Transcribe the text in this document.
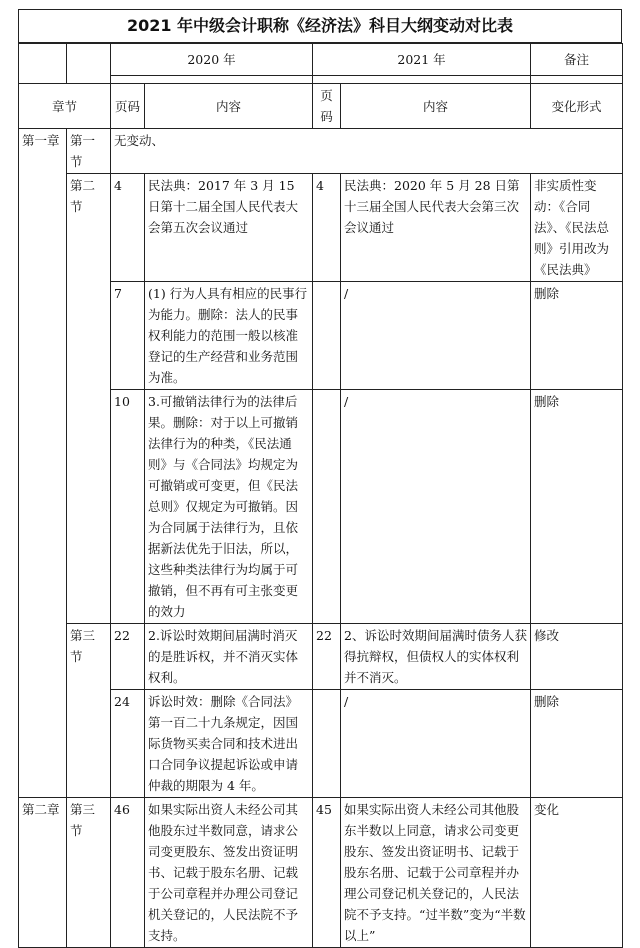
2021 年中级会计职称《经济法》科目大纲变动对比表
		2020 年		2021 年		备注

章节		页码	内容	页码	内容	变化形式
第一章	第一节	无变动、				
	第二节	4	民法典：2017 年 3 月 15 日第十二届全国人民代表大会第五次会议通过	4	民法典：2020 年 5 月 28 日第十三届全国人民代表大会第三次会议通过	非实质性变动：《合同法》、《民法总则》引用改为《民法典》
		7	(1) 行为人具有相应的民事行为能力。删除：法人的民事权利能力的范围一般以核准登记的生产经营和业务范围为准。		/	删除
		10	3.可撤销法律行为的法律后果。删除：对于以上可撤销法律行为的种类，《民法通则》与《合同法》均规定为可撤销或可变更，但《民法总则》仅规定为可撤销。因为合同属于法律行为，且依据新法优先于旧法，所以，这些种类法律行为均属于可撤销，但不再有可主张变更的效力		/	删除
	第三节	22	2.诉讼时效期间届满时消灭的是胜诉权，并不消灭实体权利。	22	2、诉讼时效期间届满时债务人获得抗辩权，但债权人的实体权利并不消灭。	修改
		24	诉讼时效：删除《合同法》第一百二十九条规定，因国际货物买卖合同和技术进出口合同争议提起诉讼或申请仲裁的期限为 4 年。		/	删除
第二章	第三节	46	如果实际出资人未经公司其他股东过半数同意，请求公司变更股东、签发出资证明书、记载于股东名册、记载于公司章程并办理公司登记机关登记的，人民法院不予支持。	45	如果实际出资人未经公司其他股东半数以上同意，请求公司变更股东、签发出资证明书、记载于股东名册、记载于公司章程并办理公司登记机关登记的，人民法院不予支持。“过半数”变为“半数以上”	变化
